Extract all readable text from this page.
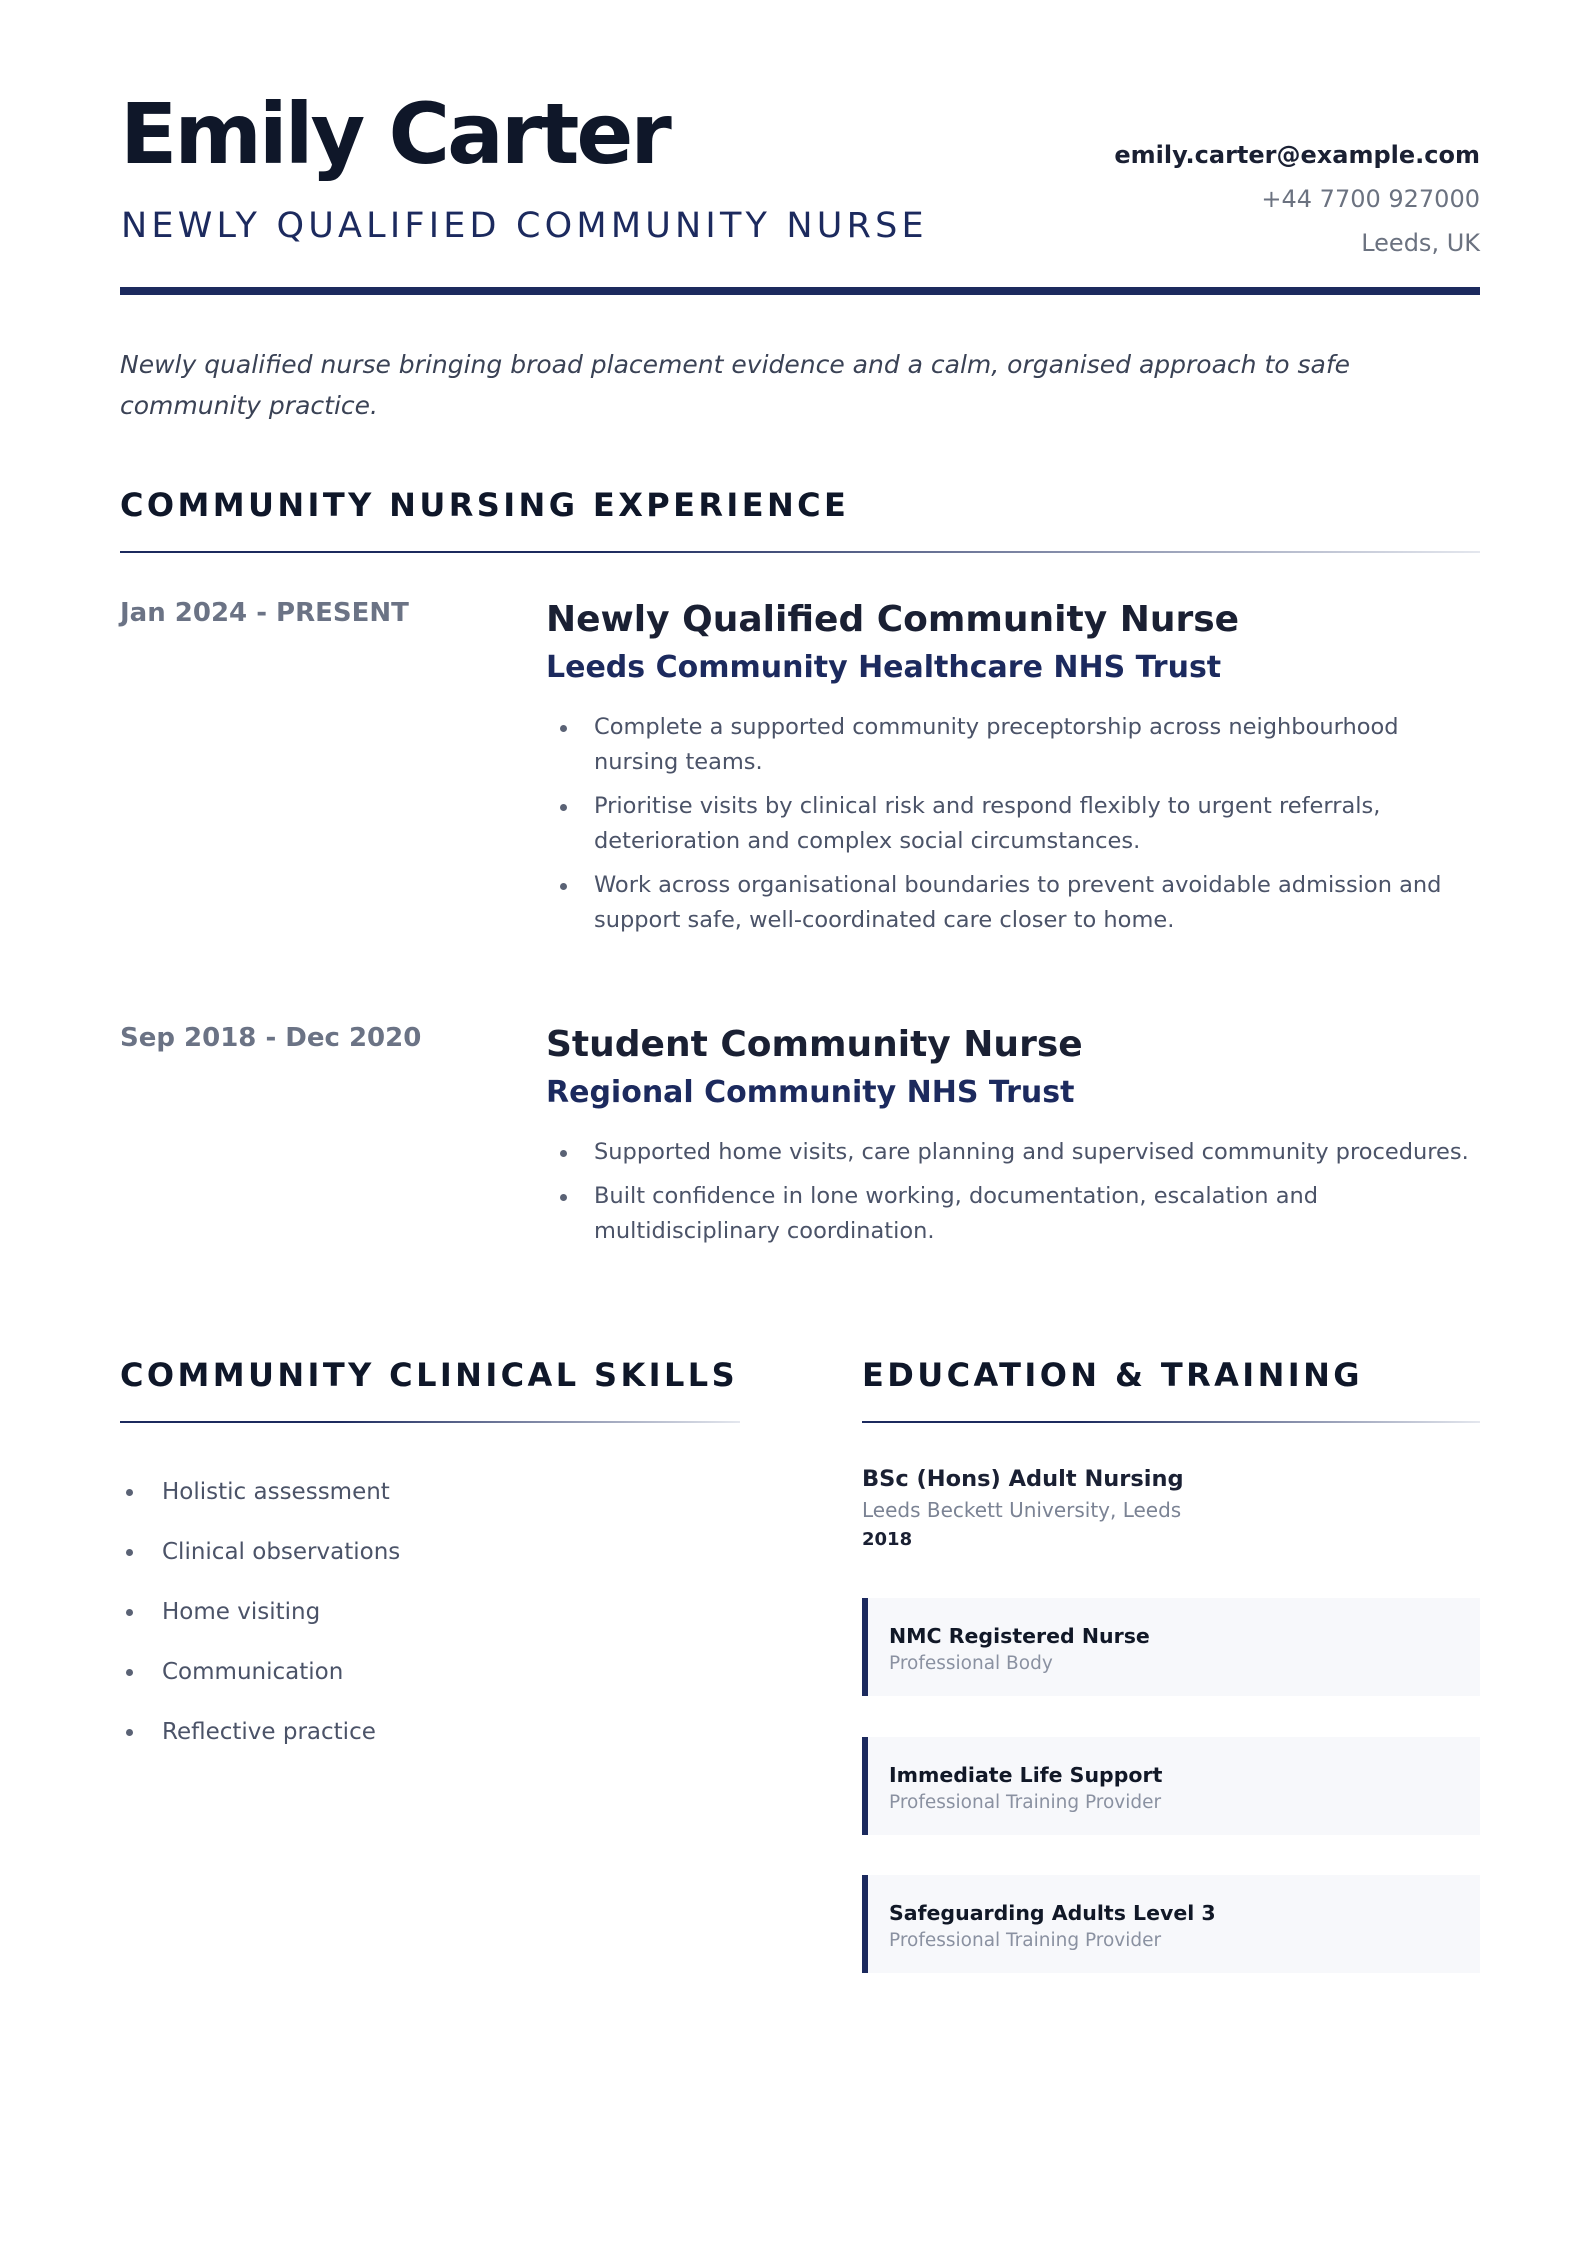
Emily Carter
NEWLY QUALIFIED COMMUNITY NURSE
emily.carter@example.com
+44 7700 927000
Leeds, UK
Newly qualified nurse bringing broad placement evidence and a calm, organised approach to safe community practice.
COMMUNITY NURSING EXPERIENCE
Jan 2024 - PRESENT	Newly Qualified Community Nurse
Leeds Community Healthcare NHS Trust
Complete a supported community preceptorship across neighbourhood nursing teams.
Prioritise visits by clinical risk and respond flexibly to urgent referrals, deterioration and complex social circumstances.
Work across organisational boundaries to prevent avoidable admission and support safe, well-coordinated care closer to home.
Sep 2018 - Dec 2020	Student Community Nurse
Regional Community NHS Trust
Supported home visits, care planning and supervised community procedures.
Built confidence in lone working, documentation, escalation and multidisciplinary coordination.
COMMUNITY CLINICAL SKILLS
Holistic assessment
Clinical observations
Home visiting
Communication
Reflective practice
EDUCATION & TRAINING
BSc (Hons) Adult Nursing
Leeds Beckett University, Leeds
2018
NMC Registered Nurse
Professional Body
Immediate Life Support
Professional Training Provider
Safeguarding Adults Level 3
Professional Training Provider
